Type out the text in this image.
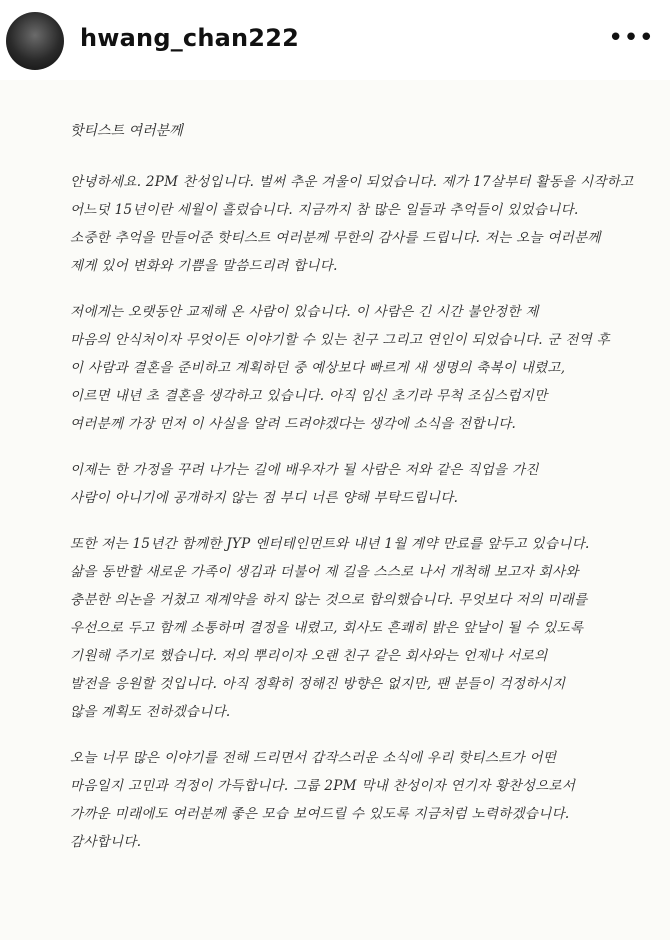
hwang_chan222	•••
핫티스트 여러분께
안녕하세요. 2PM 찬성입니다. 벌써 추운 겨울이 되었습니다. 제가 17살부터 활동을 시작하고
어느덧 15년이란 세월이 흘렀습니다. 지금까지 참 많은 일들과 추억들이 있었습니다.
소중한 추억을 만들어준 핫티스트 여러분께 무한의 감사를 드립니다. 저는 오늘 여러분께
제게 있어 변화와 기쁨을 말씀드리려 합니다.
저에게는 오랫동안 교제해 온 사람이 있습니다. 이 사람은 긴 시간 불안정한 제
마음의 안식처이자 무엇이든 이야기할 수 있는 친구 그리고 연인이 되었습니다. 군 전역 후
이 사람과 결혼을 준비하고 계획하던 중 예상보다 빠르게 새 생명의 축복이 내렸고,
이르면 내년 초 결혼을 생각하고 있습니다. 아직 임신 초기라 무척 조심스럽지만
여러분께 가장 먼저 이 사실을 알려 드려야겠다는 생각에 소식을 전합니다.
이제는 한 가정을 꾸려 나가는 길에 배우자가 될 사람은 저와 같은 직업을 가진
사람이 아니기에 공개하지 않는 점 부디 너른 양해 부탁드립니다.
또한 저는 15년간 함께한 JYP 엔터테인먼트와 내년 1월 계약 만료를 앞두고 있습니다.
삶을 동반할 새로운 가족이 생김과 더불어 제 길을 스스로 나서 개척해 보고자 회사와
충분한 의논을 거쳤고 재계약을 하지 않는 것으로 합의했습니다. 무엇보다 저의 미래를
우선으로 두고 함께 소통하며 결정을 내렸고, 회사도 흔쾌히 밝은 앞날이 될 수 있도록
기원해 주기로 했습니다. 저의 뿌리이자 오랜 친구 같은 회사와는 언제나 서로의
발전을 응원할 것입니다. 아직 정확히 정해진 방향은 없지만, 팬 분들이 걱정하시지
않을 계획도 전하겠습니다.
오늘 너무 많은 이야기를 전해 드리면서 갑작스러운 소식에 우리 핫티스트가 어떤
마음일지 고민과 걱정이 가득합니다. 그룹 2PM 막내 찬성이자 연기자 황찬성으로서
가까운 미래에도 여러분께 좋은 모습 보여드릴 수 있도록 지금처럼 노력하겠습니다.
감사합니다.
